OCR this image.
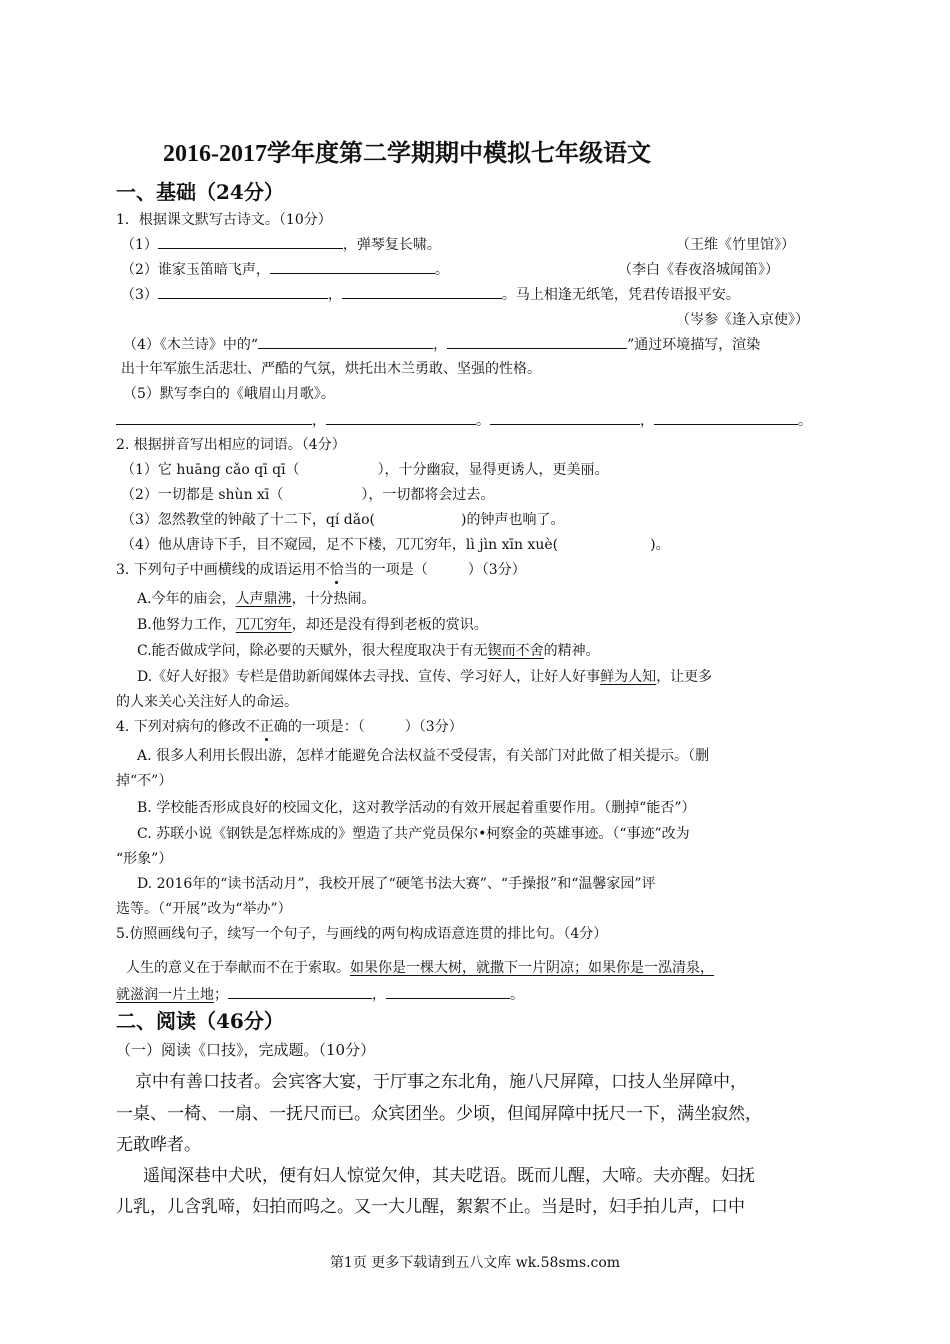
2016-2017学年度第二学期期中模拟七年级语文
一、基础（24分）
1．根据课文默写古诗文。（10分）
（1）	，弹琴复长啸。	（王维《竹里馆》）
（2）谁家玉笛暗飞声，	。	（李白《春夜洛城闻笛》）
（3）	，	。马上相逢无纸笔，凭君传语报平安。
（岑参《逢入京使》）
（4）《木兰诗》中的“	，	”通过环境描写，渲染
出十年军旅生活悲壮、严酷的气氛，烘托出木兰勇敢、坚强的性格。
（5）默写李白的《峨眉山月歌》。
，	。	，	。
2. 根据拼音写出相应的词语。（4分）
（1）它 huāng cǎo qī qī（	），十分幽寂，显得更诱人，更美丽。
（2）一切都是 shùn xī（	），一切都将会过去。
（3）忽然教堂的钟敲了十二下，qí dǎo(	)的钟声也响了。
（4）他从唐诗下手，目不窥园，足不下楼，兀兀穷年，lì jìn xīn xuè(	)。
3. 下列句子中画横线的成语运用不恰当的一项是（	）（3分）
A.今年的庙会，人声鼎沸，十分热闹。
B.他努力工作，兀兀穷年，却还是没有得到老板的赏识。
C.能否做成学问，除必要的天赋外，很大程度取决于有无锲而不舍的精神。
D.《好人好报》专栏是借助新闻媒体去寻找、宣传、学习好人，让好人好事鲜为人知，让更多
的人来关心关注好人的命运。
4. 下列对病句的修改不正确的一项是：（	）（3分）
A. 很多人利用长假出游，怎样才能避免合法权益不受侵害，有关部门对此做了相关提示。（删
掉“不”）
B. 学校能否形成良好的校园文化，这对教学活动的有效开展起着重要作用。（删掉“能否”）
C. 苏联小说《钢铁是怎样炼成的》塑造了共产党员保尔•柯察金的英雄事迹。（“事迹”改为
“形象”）
D. 2016年的“读书活动月”，我校开展了“硬笔书法大赛”、“手操报”和“温馨家园”评
选等。（“开展”改为“举办”）
5.仿照画线句子，续写一个句子，与画线的两句构成语意连贯的排比句。（4分）
人生的意义在于奉献而不在于索取。如果你是一棵大树，就撒下一片阴凉；如果你是一泓清泉，
就滋润一片土地；	，	。
二、阅读（46分）
（一）阅读《口技》，完成题。（10分）
京中有善口技者。会宾客大宴，于厅事之东北角，施八尺屏障，口技人坐屏障中，
一桌、一椅、一扇、一抚尺而已。众宾团坐。少顷，但闻屏障中抚尺一下，满坐寂然，
无敢哗者。
遥闻深巷中犬吠，便有妇人惊觉欠伸，其夫呓语。既而儿醒，大啼。夫亦醒。妇抚
儿乳，儿含乳啼，妇拍而呜之。又一大儿醒，絮絮不止。当是时，妇手拍儿声，口中
第1页 更多下载请到五八文库 wk.58sms.com
